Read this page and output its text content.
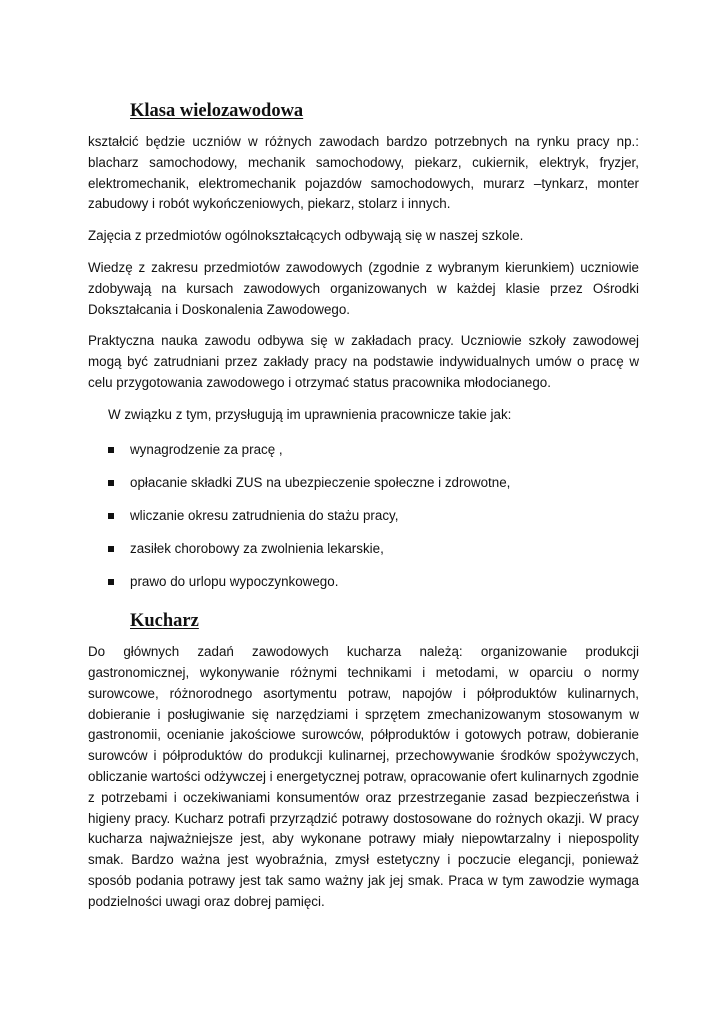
Klasa wielozawodowa

kształcić będzie uczniów w różnych zawodach bardzo potrzebnych na rynku pracy np.: blacharz samochodowy, mechanik samochodowy, piekarz, cukiernik, elektryk, fryzjer, elektromechanik, elektromechanik pojazdów samochodowych, murarz –tynkarz, monter zabudowy i robót wykończeniowych, piekarz, stolarz i innych.

Zajęcia z przedmiotów ogólnokształcących odbywają się w naszej szkole.

Wiedzę z zakresu przedmiotów zawodowych (zgodnie z wybranym kierunkiem) uczniowie zdobywają na kursach zawodowych organizowanych w każdej klasie przez Ośrodki Dokształcania i Doskonalenia Zawodowego.

Praktyczna nauka zawodu odbywa się w zakładach pracy. Uczniowie szkoły zawodowej mogą być zatrudniani przez zakłady pracy na podstawie indywidualnych umów o pracę w celu przygotowania zawodowego i otrzymać status pracownika młodocianego.

W związku z tym, przysługują im uprawnienia pracownicze takie jak:

wynagrodzenie za pracę ,
opłacanie składki ZUS na ubezpieczenie społeczne i zdrowotne,
wliczanie okresu zatrudnienia do stażu pracy,
zasiłek chorobowy za zwolnienia lekarskie,
prawo do urlopu wypoczynkowego.
Kucharz

Do głównych zadań zawodowych kucharza należą: organizowanie produkcji gastronomicznej, wykonywanie różnymi technikami i metodami, w oparciu o normy surowcowe, różnorodnego asortymentu potraw, napojów i półproduktów kulinarnych, dobieranie i posługiwanie się narzędziami i sprzętem zmechanizowanym stosowanym w gastronomii, ocenianie jakościowe surowców, półproduktów i gotowych potraw, dobieranie surowców i półproduktów do produkcji kulinarnej, przechowywanie środków spożywczych, obliczanie wartości odżywczej i energetycznej potraw, opracowanie ofert kulinarnych zgodnie z potrzebami i oczekiwaniami konsumentów oraz przestrzeganie zasad bezpieczeństwa i higieny pracy. Kucharz potrafi przyrządzić potrawy dostosowane do rożnych okazji. W pracy kucharza najważniejsze jest, aby wykonane potrawy miały niepowtarzalny i niepospolity smak. Bardzo ważna jest wyobraźnia, zmysł estetyczny i poczucie elegancji, ponieważ sposób podania potrawy jest tak samo ważny jak jej smak. Praca w tym zawodzie wymaga podzielności uwagi oraz dobrej pamięci.
